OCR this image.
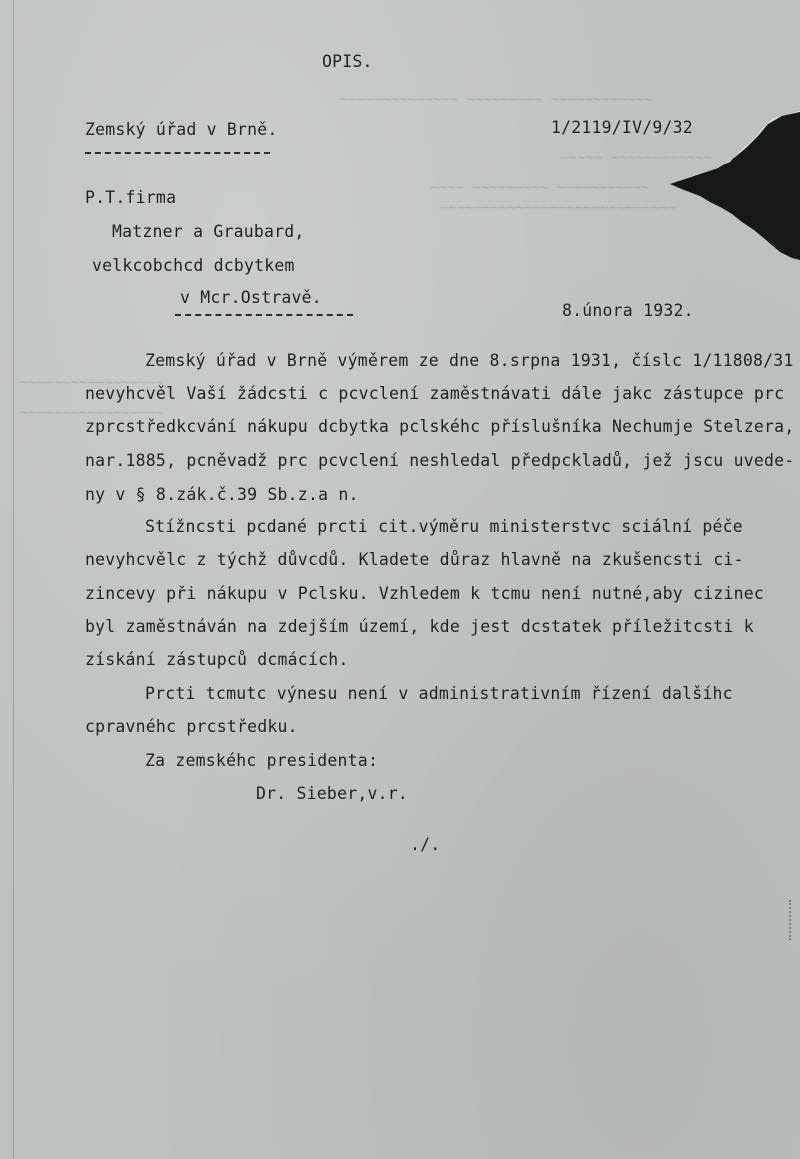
~~~~~~~~~~~~~~ ~~~~~~~~~ ~~~~~~~~~~~~
~~~~~ ~~~~~~~~~~~~
~~~~ ~~~~~~~~~ ~~~~~~~~~~~
~~~~~~~~~~~~~~~~~~~~~~~~~~~~
~~~~~~~~~~~~~~~~~
~~~~~~~~~~~~~~~~~
OPIS.
Zemský úřad v Brně.	1/2119/IV/9/32
P.T.firma
Matzner a Graubard,
velkcobchcd dcbytkem
v Mcr.Ostravě.
8.února 1932.
Zemský úřad v Brně výměrem ze dne 8.srpna 1931, číslc 1/11808/31
nevyhcvěl Vaší žádcsti c pcvclení zaměstnávati dále jakc zástupce prc
zprcstředkcvání nákupu dcbytka pclskéhc příslušníka Nechumje Stelzera,
nar.1885, pcněvadž prc pcvclení neshledal předpckladů, jež jscu uvede-
ny v § 8.zák.č.39 Sb.z.a n.
Stížncsti pcdané prcti cit.výměru ministerstvc sciální péče
nevyhcvělc z týchž důvcdů. Kladete důraz hlavně na zkušencsti ci-
zincevy při nákupu v Pclsku. Vzhledem k tcmu není nutné,aby cizinec
byl zaměstnáván na zdejším území, kde jest dcstatek příležitcsti k
získání zástupců dcmácích.
Prcti tcmutc výnesu není v administrativním řízení dalšíhc
cpravnéhc prcstředku.
Za zemskéhc presidenta:
Dr. Sieber,v.r.
./.
